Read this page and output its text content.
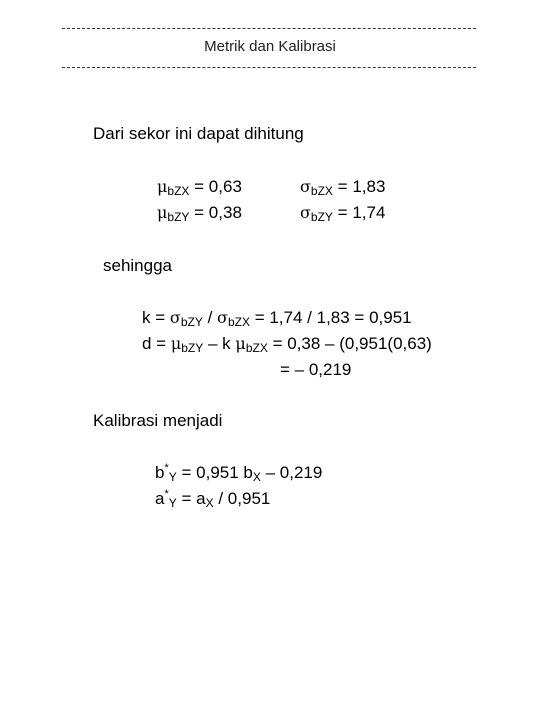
Metrik dan Kalibrasi
Dari sekor ini dapat dihitung
$\mu_{bZX} = 0,63$
$\mu_{bZY} = 0,38$
$\sigma_{bZX} = 1,83$
$\sigma_{bZY} = 1,74$
sehingga
$k = \sigma_{bZY} / \sigma_{bZX} = 1,74 / 1,83 = 0,951$
$d = \mu_{bZY} - k$ $\mu_{bZX} = 0,38 - (0,951(0,63)$
= – 0,219
Kalibrasi menjadi
$b^*_Y = 0,951$ $b_X - 0,219$
$a^*_Y = a_X / 0,951$
